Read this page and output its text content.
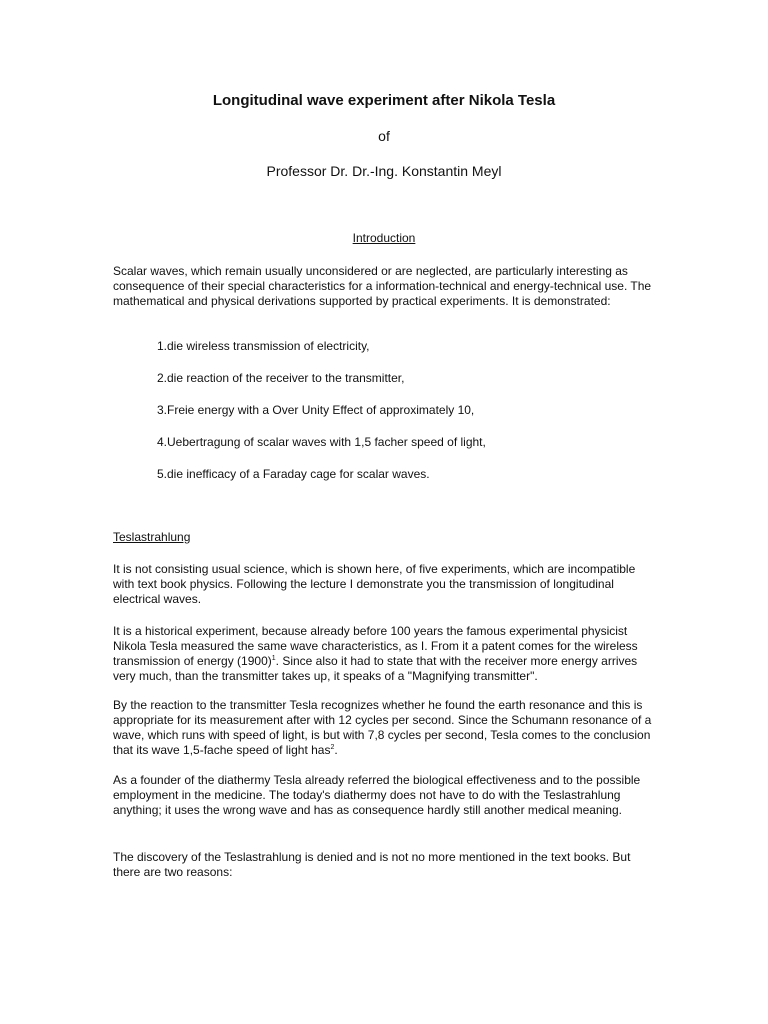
Longitudinal wave experiment after Nikola Tesla
of
Professor Dr. Dr.-Ing. Konstantin Meyl
Introduction

Scalar waves, which remain usually unconsidered or are neglected, are particularly interesting as consequence of their special characteristics for a information-technical and energy-technical use. The mathematical and physical derivations supported by practical experiments. It is demonstrated:

1.die wireless transmission of electricity,

2.die reaction of the receiver to the transmitter,

3.Freie energy with a Over Unity Effect of approximately 10,

4.Uebertragung of scalar waves with 1,5 facher speed of light,

5.die inefficacy of a Faraday cage for scalar waves.

Teslastrahlung

It is not consisting usual science, which is shown here, of five experiments, which are incompatible with text book physics. Following the lecture I demonstrate you the transmission of longitudinal electrical waves.

It is a historical experiment, because already before 100 years the famous experimental physicist Nikola Tesla measured the same wave characteristics, as I. From it a patent comes for the wireless transmission of energy $(1900)^1$. Since also it had to state that with the receiver more energy arrives very much, than the transmitter takes up, it speaks of a "Magnifying transmitter".

By the reaction to the transmitter Tesla recognizes whether he found the earth resonance and this is appropriate for its measurement after with 12 cycles per second. Since the Schumann resonance of a wave, which runs with speed of light, is but with 7,8 cycles per second, Tesla comes to the conclusion that its wave 1,5-fache speed of light has$^2$.

As a founder of the diathermy Tesla already referred the biological effectiveness and to the possible employment in the medicine. The today's diathermy does not have to do with the Teslastrahlung anything; it uses the wrong wave and has as consequence hardly still another medical meaning.

The discovery of the Teslastrahlung is denied and is not no more mentioned in the text books. But there are two reasons:
